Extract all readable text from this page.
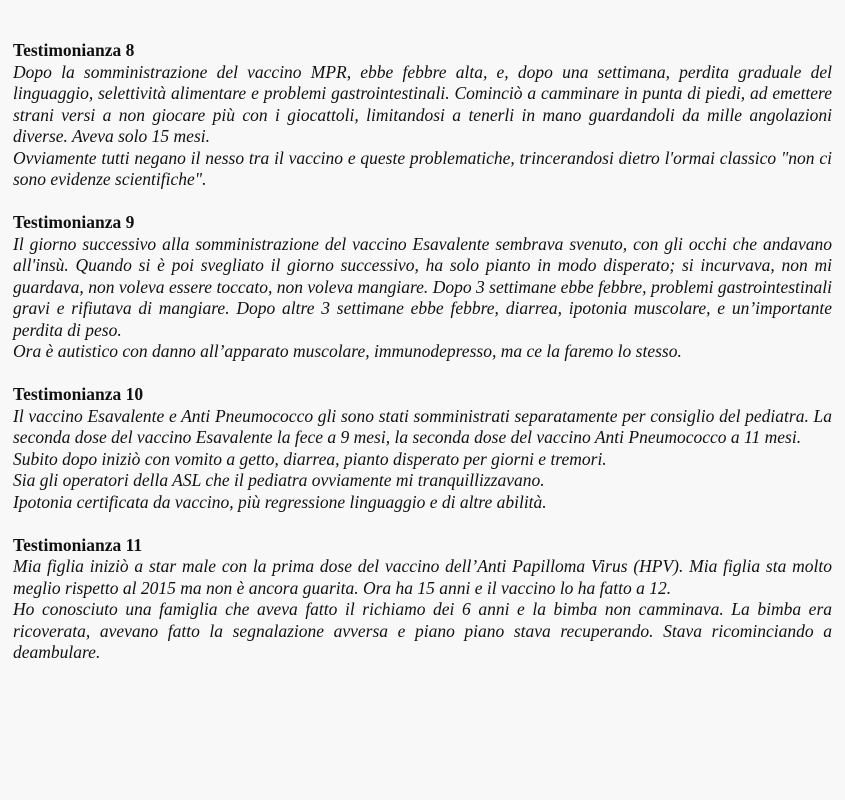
Testimonianza 8

Dopo la somministrazione del vaccino MPR, ebbe febbre alta, e, dopo una settimana, perdita graduale del linguaggio, selettività alimentare e problemi gastrointestinali. Cominciò a camminare in punta di piedi, ad emettere strani versi a non giocare più con i giocattoli, limitandosi a tenerli in mano guardandoli da mille angolazioni diverse. Aveva solo 15 mesi.

Ovviamente tutti negano il nesso tra il vaccino e queste problematiche, trincerandosi dietro l'ormai classico "non ci sono evidenze scientifiche".

Testimonianza 9

Il giorno successivo alla somministrazione del vaccino Esavalente sembrava svenuto, con gli occhi che andavano all'insù. Quando si è poi svegliato il giorno successivo, ha solo pianto in modo disperato; si incurvava, non mi guardava, non voleva essere toccato, non voleva mangiare. Dopo 3 settimane ebbe febbre, problemi gastrointestinali gravi e rifiutava di mangiare. Dopo altre 3 settimane ebbe febbre, diarrea, ipotonia muscolare, e un’importante perdita di peso.

Ora è autistico con danno all’apparato muscolare, immunodepresso, ma ce la faremo lo stesso.

Testimonianza 10

Il vaccino Esavalente e Anti Pneumococco gli sono stati somministrati separatamente per consiglio del pediatra. La seconda dose del vaccino Esavalente la fece a 9 mesi, la seconda dose del vaccino Anti Pneumococco a 11 mesi.

Subito dopo iniziò con vomito a getto, diarrea, pianto disperato per giorni e tremori.

Sia gli operatori della ASL che il pediatra ovviamente mi tranquillizzavano.

Ipotonia certificata da vaccino, più regressione linguaggio e di altre abilità.

Testimonianza 11

Mia figlia iniziò a star male con la prima dose del vaccino dell’Anti Papilloma Virus (HPV). Mia figlia sta molto meglio rispetto al 2015 ma non è ancora guarita. Ora ha 15 anni e il vaccino lo ha fatto a 12.

Ho conosciuto una famiglia che aveva fatto il richiamo dei 6 anni e la bimba non camminava. La bimba era ricoverata, avevano fatto la segnalazione avversa e piano piano stava recuperando. Stava ricominciando a deambulare.
